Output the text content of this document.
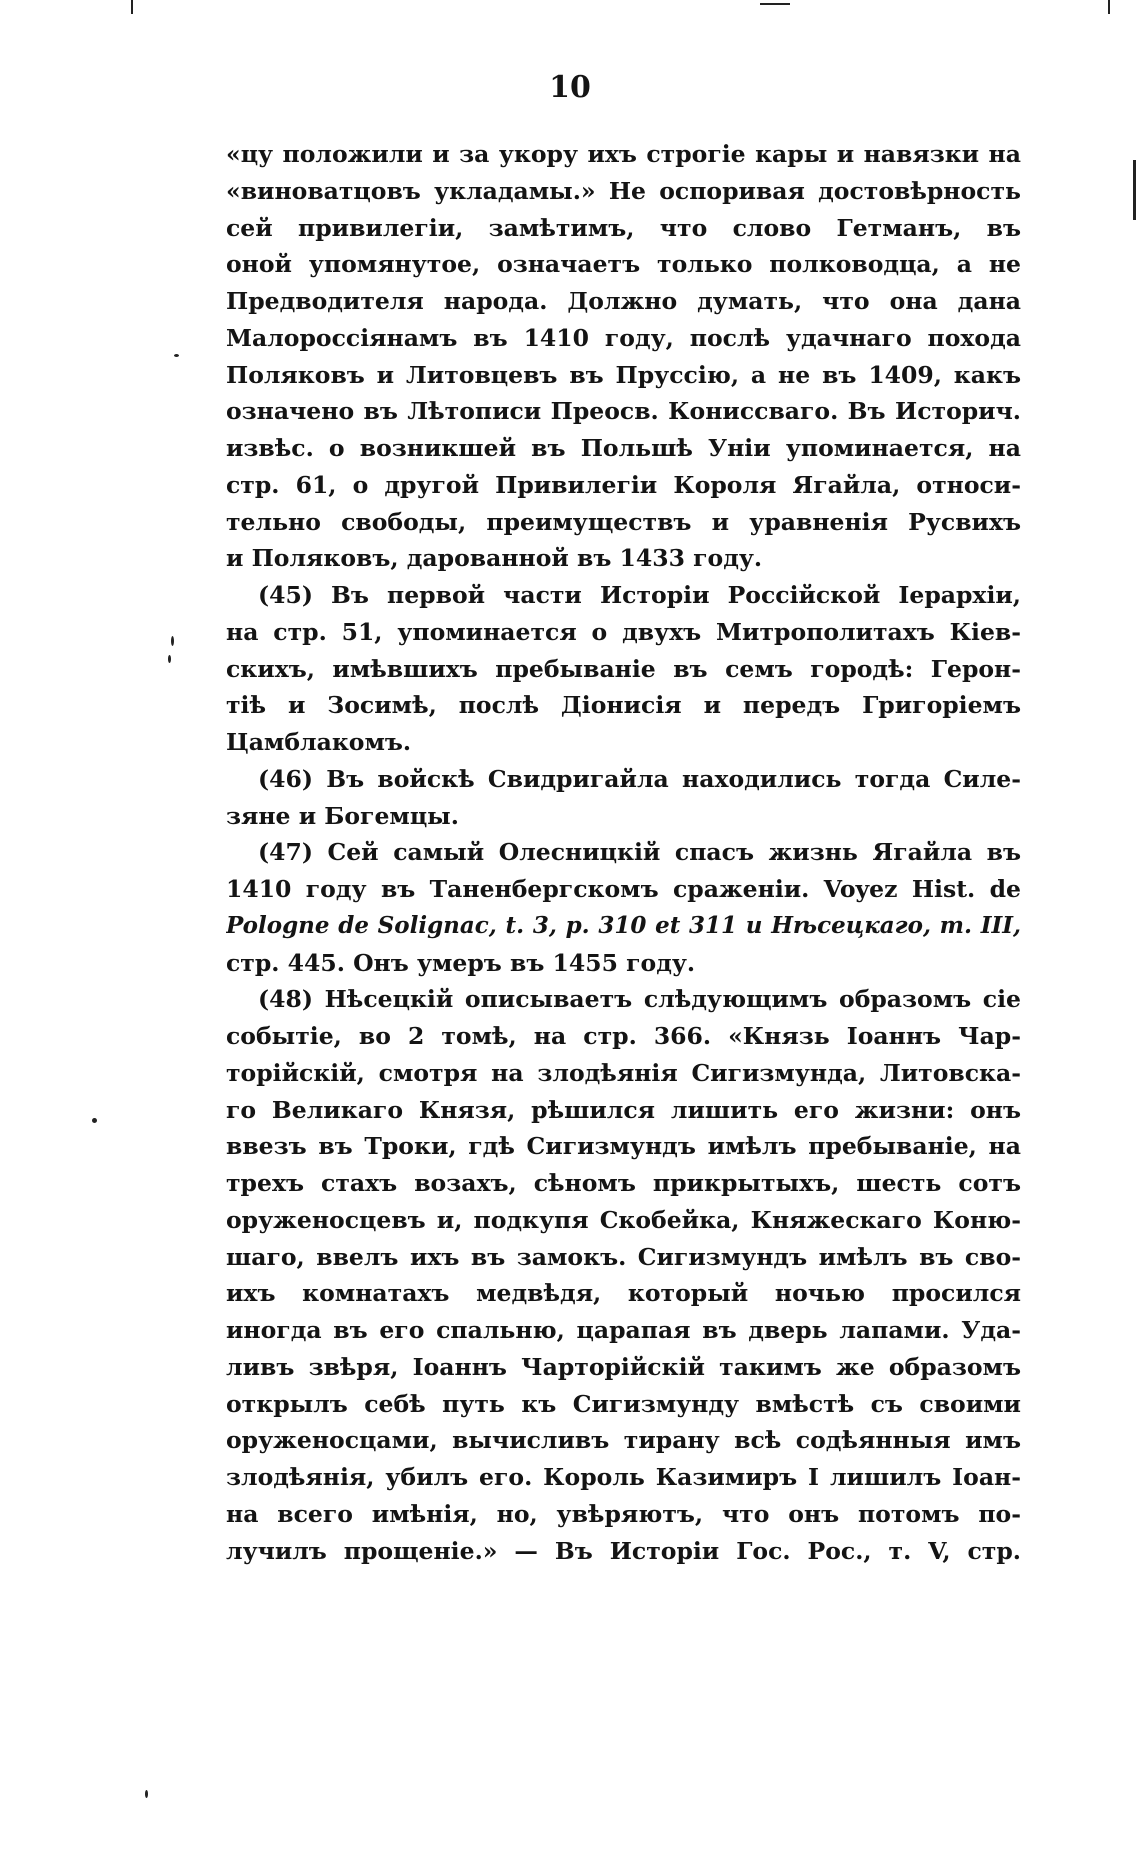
10
«цу положили и за укору ихъ строгіе кары и навязки на
«виноватцовъ укладамы.» Не оспоривая достовѣрность
сей привилегіи, замѣтимъ, что слово Гетманъ, въ
оной упомянутое, означаетъ только полководца, а не
Предводителя народа. Должно думать, что она дана
Малороссіянамъ въ 1410 году, послѣ удачнаго похода
Поляковъ и Литовцевъ въ Пруссію, а не въ 1409, какъ
означено въ Лѣтописи Преосв. Кониссваго. Въ Историч.
извѣс. о возникшей въ Польшѣ Уніи упоминается, на
стр. 61, о другой Привилегіи Короля Ягайла, относи-
тельно свободы, преимуществъ и уравненія Русвихъ
и Поляковъ, дарованной въ 1433 году.
(45) Въ первой части Исторіи Россійской Іерархіи,
на стр. 51, упоминается о двухъ Митрополитахъ Кіев-
скихъ, имѣвшихъ пребываніе въ семъ городѣ: Герон-
тіѣ и Зосимѣ, послѣ Діонисія и передъ Григоріемъ
Цамблакомъ.
(46) Въ войскѣ Свидригайла находились тогда Силе-
зяне и Богемцы.
(47) Сей самый Олесницкій спасъ жизнь Ягайла въ
1410 году въ Таненбергскомъ сраженіи. Voyez Hist. de
Pologne de Solignac, t. 3, p. 310 et 311 и Нѣсецкаго, т. III,
стр. 445. Онъ умеръ въ 1455 году.
(48) Нѣсецкій описываетъ слѣдующимъ образомъ сіе
событіе, во 2 томѣ, на стр. 366. «Князь Іоаннъ Чар-
торійскій, смотря на злодѣянія Сигизмунда, Литовска-
го Великаго Князя, рѣшился лишить его жизни: онъ
ввезъ въ Троки, гдѣ Сигизмундъ имѣлъ пребываніе, на
трехъ стахъ возахъ, сѣномъ прикрытыхъ, шесть сотъ
оруженосцевъ и, подкупя Скобейка, Княжескаго Коню-
шаго, ввелъ ихъ въ замокъ. Сигизмундъ имѣлъ въ сво-
ихъ комнатахъ медвѣдя, который ночью просился
иногда въ его спальню, царапая въ дверь лапами. Уда-
ливъ звѣря, Іоаннъ Чарторійскій такимъ же образомъ
открылъ себѣ путь къ Сигизмунду вмѣстѣ съ своими
оруженосцами, вычисливъ тирану всѣ содѣянныя имъ
злодѣянія, убилъ его. Король Казимиръ I лишилъ Іоан-
на всего имѣнія, но, увѣряютъ, что онъ потомъ по-
лучилъ прощеніе.» — Въ Исторіи Гос. Рос., т. V, стр.
